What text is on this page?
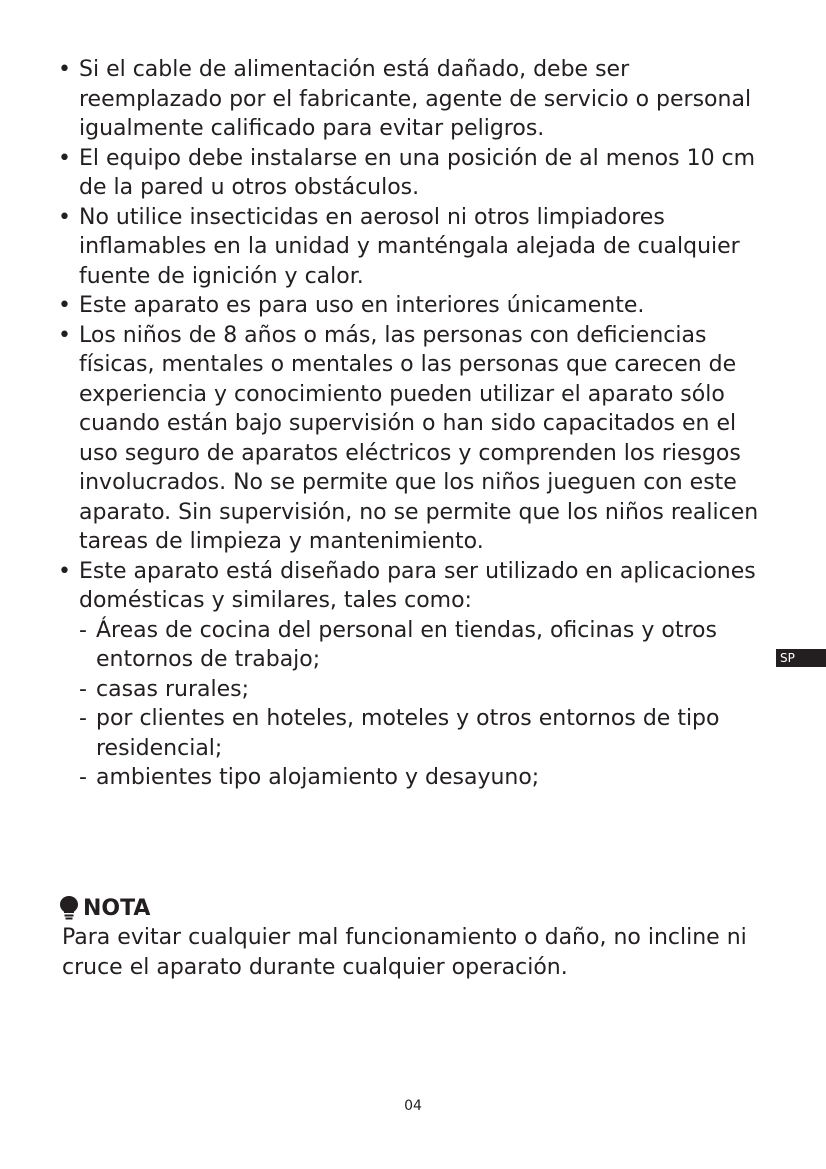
• Si el cable de alimentación está dañado, debe ser reemplazado por el fabricante, agente de servicio o personal igualmente calificado para evitar peligros.
• El equipo debe instalarse en una posición de al menos 10 cm de la pared u otros obstáculos.
• No utilice insecticidas en aerosol ni otros limpiadores inflamables en la unidad y manténgala alejada de cualquier fuente de ignición y calor.
• Este aparato es para uso en interiores únicamente.
• Los niños de 8 años o más, las personas con deficiencias físicas, mentales o mentales o las personas que carecen de experiencia y conocimiento pueden utilizar el aparato sólo cuando están bajo supervisión o han sido capacitados en el uso seguro de aparatos eléctricos y comprenden los riesgos involucrados. No se permite que los niños jueguen con este aparato. Sin supervisión, no se permite que los niños realicen tareas de limpieza y mantenimiento.
• Este aparato está diseñado para ser utilizado en aplicaciones domésticas y similares, tales como:
- Áreas de cocina del personal en tiendas, oficinas y otros entornos de trabajo;
- casas rurales;
- por clientes en hoteles, moteles y otros entornos de tipo residencial;
- ambientes tipo alojamiento y desayuno;
SP
NOTA
Para evitar cualquier mal funcionamiento o daño, no incline ni cruce el aparato durante cualquier operación.
04
